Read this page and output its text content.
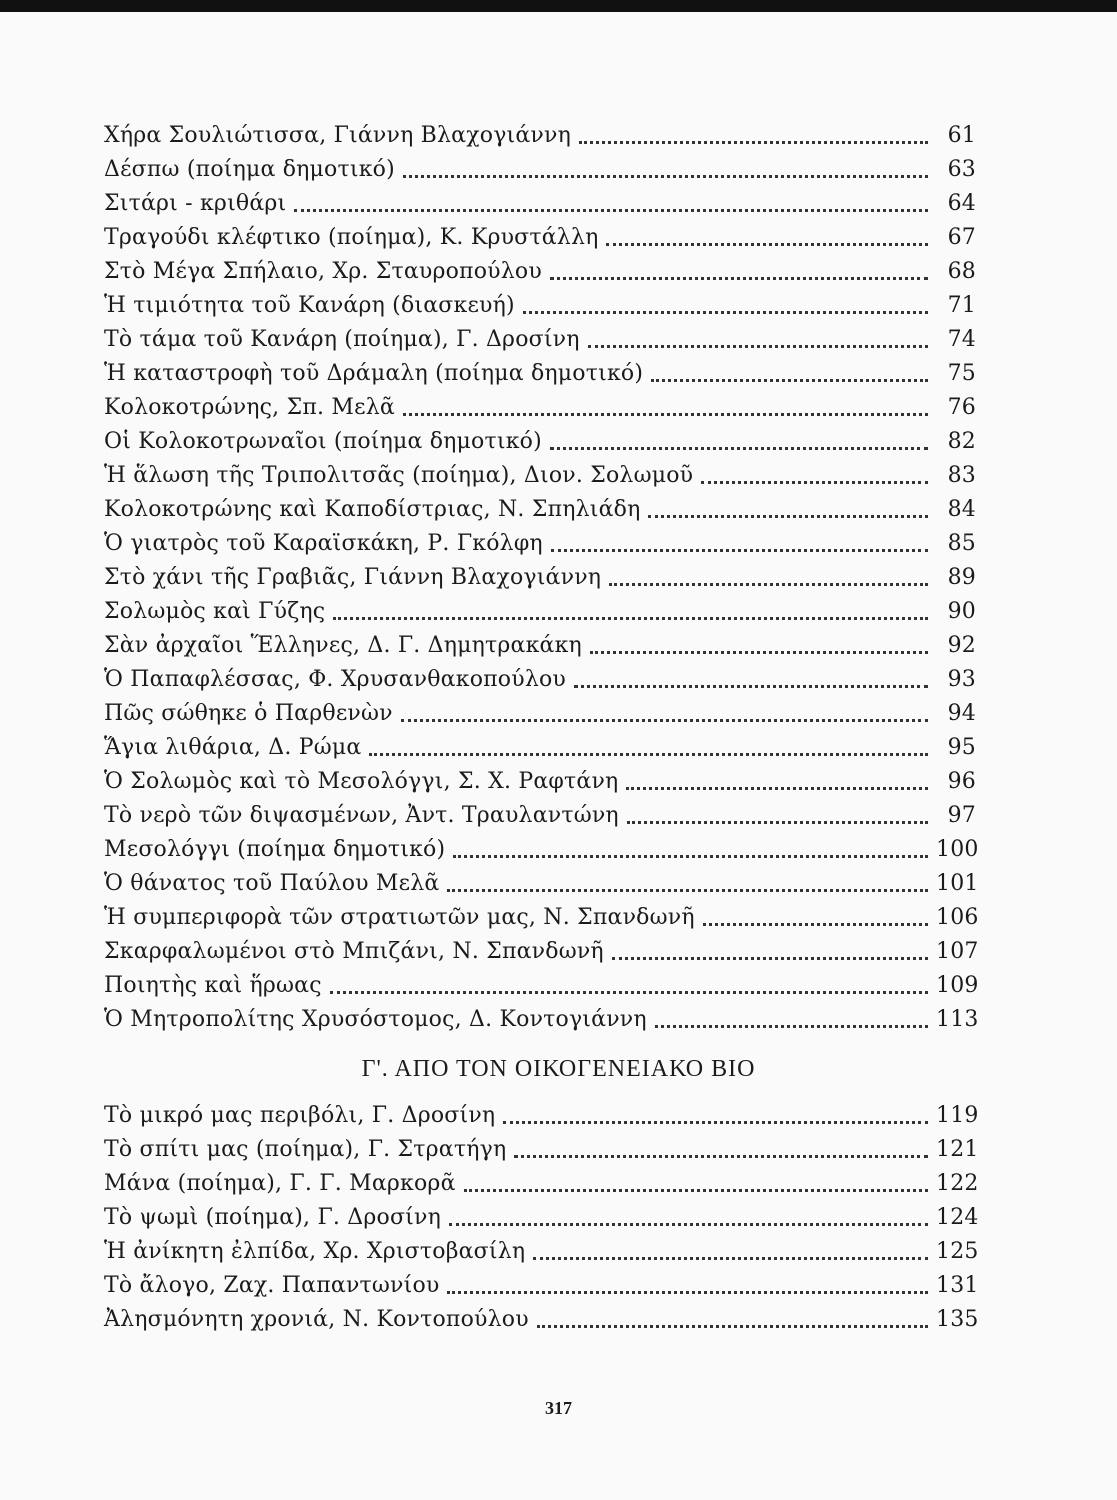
Χήρα Σουλιώτισσα, Γιάννη Βλαχογιάννη	61
Δέσπω (ποίημα δημοτικό)	63
Σιτάρι - κριθάρι	64
Τραγούδι κλέφτικο (ποίημα), Κ. Κρυστάλλη	67
Στὸ Μέγα Σπήλαιο, Χρ. Σταυροπούλου	68
Ἡ τιμιότητα τοῦ Κανάρη (διασκευή)	71
Τὸ τάμα τοῦ Κανάρη (ποίημα), Γ. Δροσίνη	74
Ἡ καταστροφὴ τοῦ Δράμαλη (ποίημα δημοτικό)	75
Κολοκοτρώνης, Σπ. Μελᾶ	76
Οἱ Κολοκοτρωναῖοι (ποίημα δημοτικό)	82
Ἡ ἅλωση τῆς Τριπολιτσᾶς (ποίημα), Διον. Σολωμοῦ	83
Κολοκοτρώνης καὶ Καποδίστριας, Ν. Σπηλιάδη	84
Ὁ γιατρὸς τοῦ Καραϊσκάκη, Ρ. Γκόλφη	85
Στὸ χάνι τῆς Γραβιᾶς, Γιάννη Βλαχογιάννη	89
Σολωμὸς καὶ Γύζης	90
Σὰν ἀρχαῖοι Ἕλληνες, Δ. Γ. Δημητρακάκη	92
Ὁ Παπαφλέσσας, Φ. Χρυσανθακοπούλου	93
Πῶς σώθηκε ὁ Παρθενὼν	94
Ἅγια λιθάρια, Δ. Ρώμα	95
Ὁ Σολωμὸς καὶ τὸ Μεσολόγγι, Σ. Χ. Ραφτάνη	96
Τὸ νερὸ τῶν διψασμένων, Ἀντ. Τραυλαντώνη	97
Μεσολόγγι (ποίημα δημοτικό)	100
Ὁ θάνατος τοῦ Παύλου Μελᾶ	101
Ἡ συμπεριφορὰ τῶν στρατιωτῶν μας, Ν. Σπανδωνῆ	106
Σκαρφαλωμένοι στὸ Μπιζάνι, Ν. Σπανδωνῆ	107
Ποιητὴς καὶ ἥρωας	109
Ὁ Μητροπολίτης Χρυσόστομος, Δ. Κοντογιάννη	113
Γ'. ΑΠΟ ΤΟΝ ΟΙΚΟΓΕΝΕΙΑΚΟ ΒΙΟ
Τὸ μικρό μας περιβόλι, Γ. Δροσίνη	119
Τὸ σπίτι μας (ποίημα), Γ. Στρατήγη	121
Μάνα (ποίημα), Γ. Γ. Μαρκορᾶ	122
Τὸ ψωμὶ (ποίημα), Γ. Δροσίνη	124
Ἡ ἀνίκητη ἐλπίδα, Χρ. Χριστοβασίλη	125
Τὸ ἄλογο, Ζαχ. Παπαντωνίου	131
Ἀλησμόνητη χρονιά, Ν. Κοντοπούλου	135
317
